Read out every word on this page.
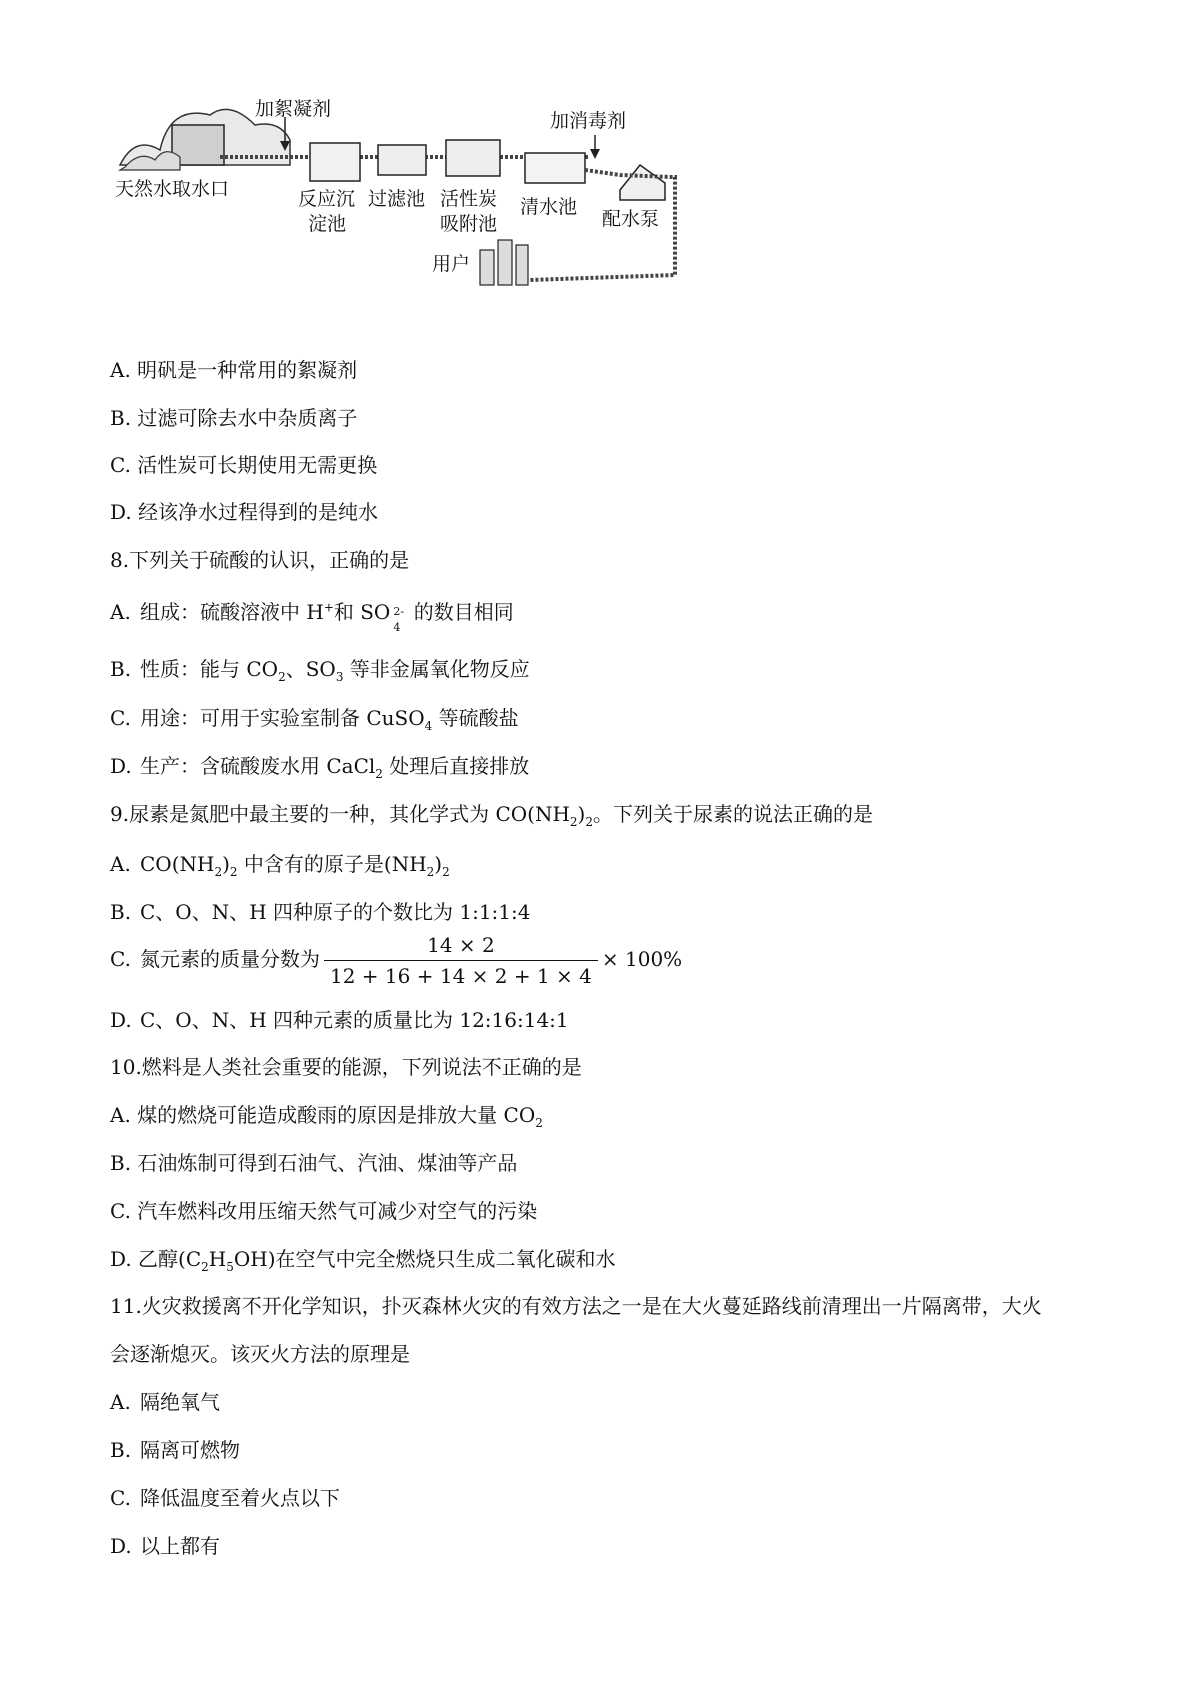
加絮凝剂
天然水取水口	反应沉
淀池
过滤池 活性炭
吸附池
清水池
加消毒剂
配水泵
用户
A. 明矾是一种常用的絮凝剂
B. 过滤可除去水中杂质离子
C. 活性炭可长期使用无需更换
D. 经该净水过程得到的是纯水
8.下列关于硫酸的认识，正确的是
A. 组成：硫酸溶液中 H+和 SO 2-
4
的数目相同
B. 性质：能与 $CO_2$、$SO_3$ 等非金属氧化物反应
C. 用途：可用于实验室制备 CuSO$_4$ 等硫酸盐
D. 生产：含硫酸废水用 CaCl$_2$ 处理后直接排放
9.尿素是氮肥中最主要的一种，其化学式为 $CO(NH_2)_2$。下列关于尿素的说法正确的是
A. $CO(NH_2)_2$ 中含有的原子是$(NH_2)_2$
B. C、O、N、H 四种原子的个数比为 1:1:1:4
C. 氮元素的质量分数为 $\frac{14 \times 2}{12 + 16 + 14 \times 2 + 1 \times 4} \times 100\%$
D. C、O、N、H 四种元素的质量比为 12:16:14:1
10.燃料是人类社会重要的能源，下列说法不正确的是
A. 煤的燃烧可能造成酸雨的原因是排放大量 $CO_2$
B. 石油炼制可得到石油气、汽油、煤油等产品
C. 汽车燃料改用压缩天然气可减少对空气的污染
D. 乙醇$(C_2H_5OH)$在空气中完全燃烧只生成二氧化碳和水
11.火灾救援离不开化学知识，扑灭森林火灾的有效方法之一是在大火蔓延路线前清理出一片隔离带，大火
会逐渐熄灭。该灭火方法的原理是
A. 隔绝氧气
B. 隔离可燃物
C. 降低温度至着火点以下
D. 以上都有
